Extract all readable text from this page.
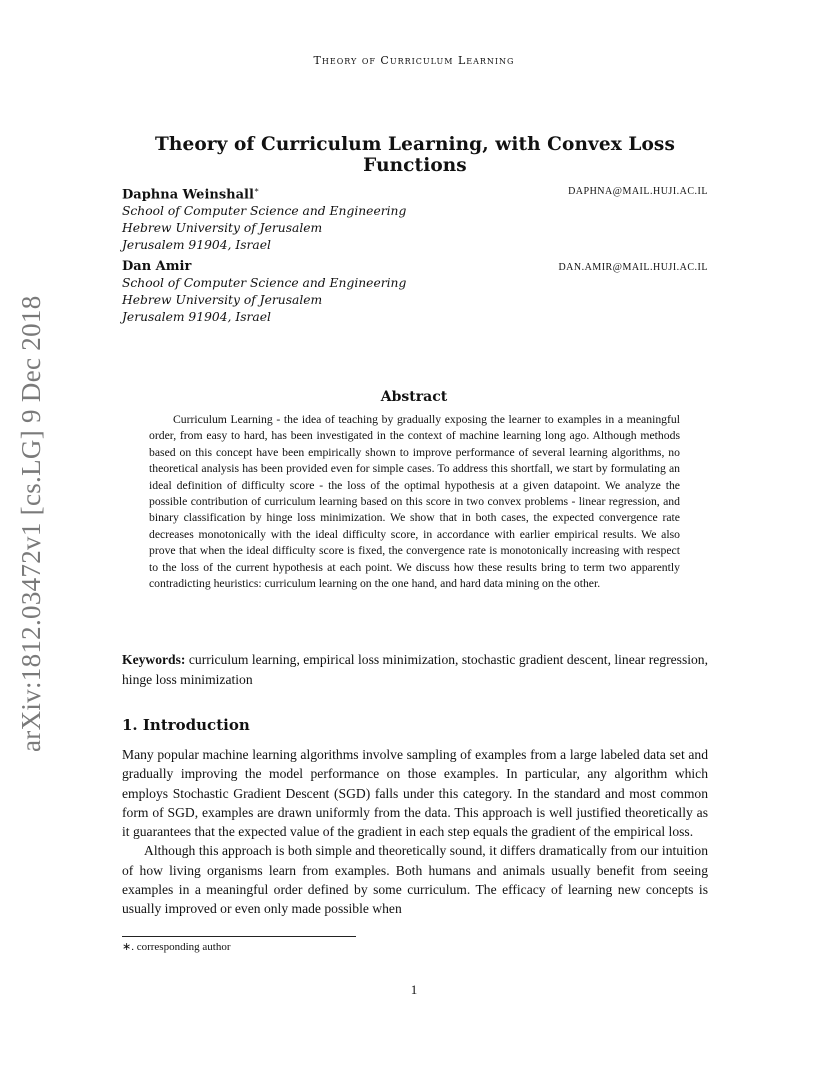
arXiv:1812.03472v1 [cs.LG] 9 Dec 2018
Theory of Curriculum Learning
Theory of Curriculum Learning, with Convex Loss Functions
Daphna Weinshall∗	DAPHNA@MAIL.HUJI.AC.IL
School of Computer Science and Engineering
Hebrew University of Jerusalem
Jerusalem 91904, Israel
Dan Amir	DAN.AMIR@MAIL.HUJI.AC.IL
School of Computer Science and Engineering
Hebrew University of Jerusalem
Jerusalem 91904, Israel
Abstract
Curriculum Learning - the idea of teaching by gradually exposing the learner to examples in a meaningful order, from easy to hard, has been investigated in the context of machine learning long ago. Although methods based on this concept have been empirically shown to improve performance of several learning algorithms, no theoretical analysis has been provided even for simple cases. To address this shortfall, we start by formulating an ideal definition of difficulty score - the loss of the optimal hypothesis at a given datapoint. We analyze the possible contribution of curriculum learning based on this score in two convex problems - linear regression, and binary classification by hinge loss minimization. We show that in both cases, the expected convergence rate decreases monotonically with the ideal difficulty score, in accordance with earlier empirical results. We also prove that when the ideal difficulty score is fixed, the convergence rate is monotonically increasing with respect to the loss of the current hypothesis at each point. We discuss how these results bring to term two apparently contradicting heuristics: curriculum learning on the one hand, and hard data mining on the other.
Keywords: curriculum learning, empirical loss minimization, stochastic gradient descent, linear regression, hinge loss minimization
1. Introduction

Many popular machine learning algorithms involve sampling of examples from a large labeled data set and gradually improving the model performance on those examples. In particular, any algorithm which employs Stochastic Gradient Descent (SGD) falls under this category. In the standard and most common form of SGD, examples are drawn uniformly from the data. This approach is well justified theoretically as it guarantees that the expected value of the gradient in each step equals the gradient of the empirical loss.

Although this approach is both simple and theoretically sound, it differs dramatically from our intuition of how living organisms learn from examples. Both humans and animals usually benefit from seeing examples in a meaningful order defined by some curriculum. The efficacy of learning new concepts is usually improved or even only made possible when

∗. corresponding author
1
